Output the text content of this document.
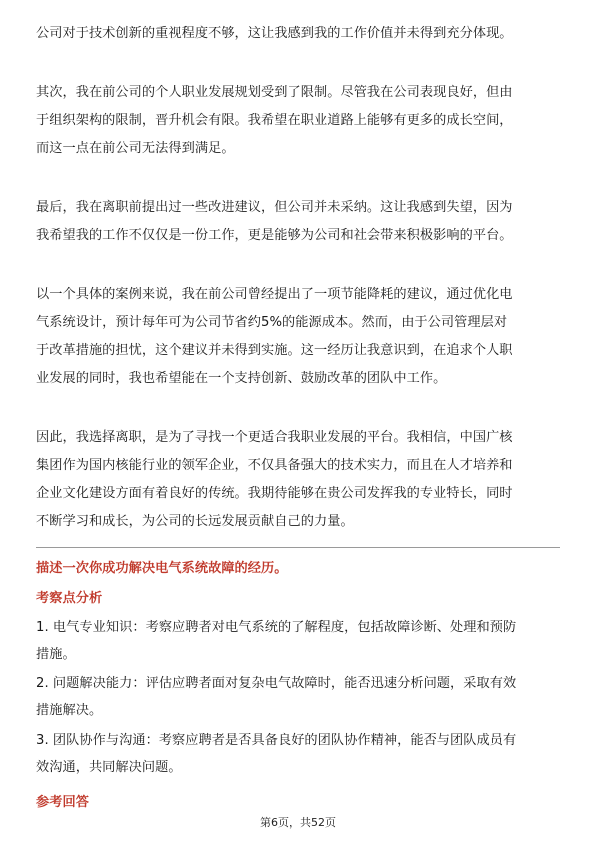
公司对于技术创新的重视程度不够，这让我感到我的工作价值并未得到充分体现。
其次，我在前公司的个人职业发展规划受到了限制。尽管我在公司表现良好，但由
于组织架构的限制，晋升机会有限。我希望在职业道路上能够有更多的成长空间，
而这一点在前公司无法得到满足。
最后，我在离职前提出过一些改进建议，但公司并未采纳。这让我感到失望，因为
我希望我的工作不仅仅是一份工作，更是能够为公司和社会带来积极影响的平台。
以一个具体的案例来说，我在前公司曾经提出了一项节能降耗的建议，通过优化电
气系统设计，预计每年可为公司节省约5%的能源成本。然而，由于公司管理层对
于改革措施的担忧，这个建议并未得到实施。这一经历让我意识到，在追求个人职
业发展的同时，我也希望能在一个支持创新、鼓励改革的团队中工作。
因此，我选择离职，是为了寻找一个更适合我职业发展的平台。我相信，中国广核
集团作为国内核能行业的领军企业，不仅具备强大的技术实力，而且在人才培养和
企业文化建设方面有着良好的传统。我期待能够在贵公司发挥我的专业特长，同时
不断学习和成长，为公司的长远发展贡献自己的力量。
描述一次你成功解决电气系统故障的经历。
考察点分析
1. 电气专业知识：考察应聘者对电气系统的了解程度，包括故障诊断、处理和预防
措施。
2. 问题解决能力：评估应聘者面对复杂电气故障时，能否迅速分析问题，采取有效
措施解决。
3. 团队协作与沟通：考察应聘者是否具备良好的团队协作精神，能否与团队成员有
效沟通，共同解决问题。
参考回答
第6页，共52页
